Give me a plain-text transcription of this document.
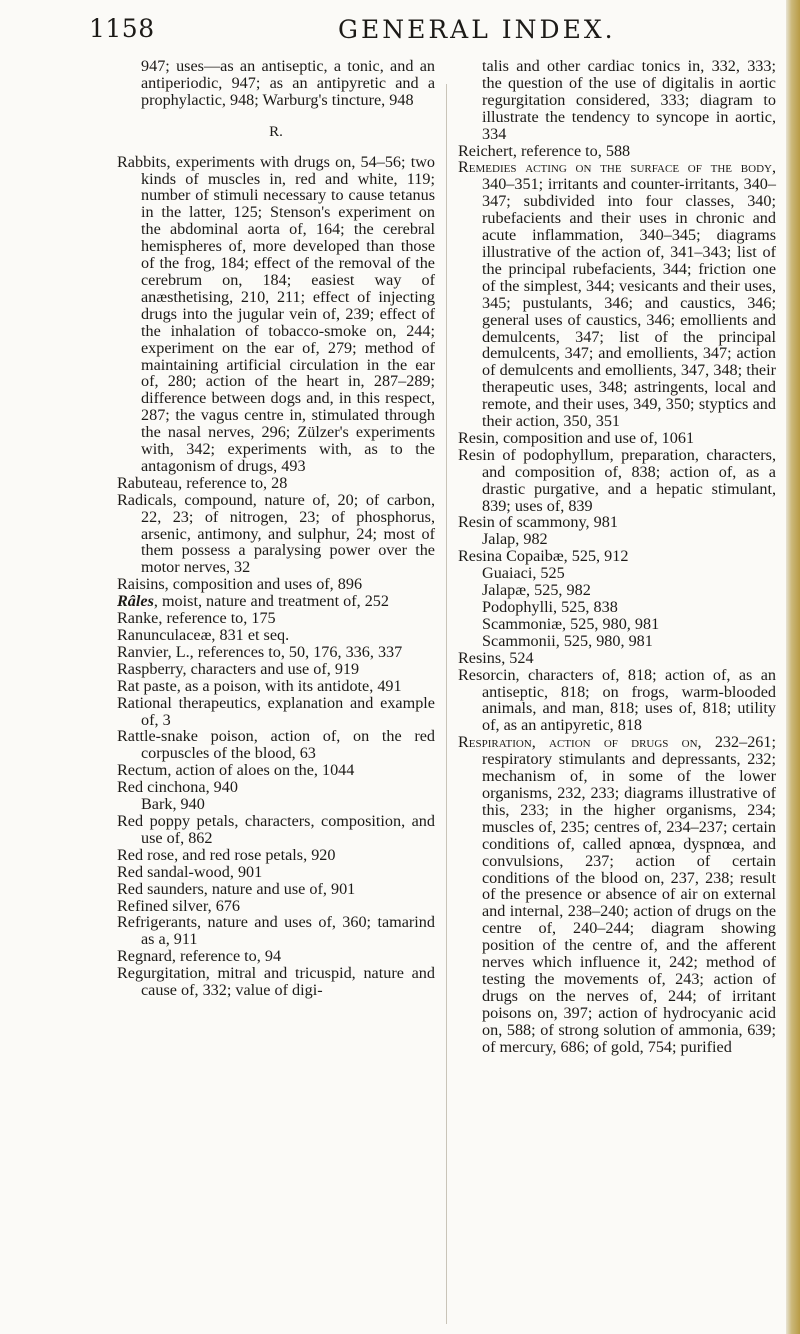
1158	GENERAL INDEX.

947; uses—as an antiseptic, a tonic, and an antiperiodic, 947; as an antipyretic and a prophylactic, 948; Warburg's tincture, 948

R.

Rabbits, experiments with drugs on, 54–56; two kinds of muscles in, red and white, 119; number of stimuli necessary to cause tetanus in the latter, 125; Stenson's experiment on the abdominal aorta of, 164; the cerebral hemispheres of, more developed than those of the frog, 184; effect of the removal of the cerebrum on, 184; easiest way of anæsthetising, 210, 211; effect of injecting drugs into the jugular vein of, 239; effect of the inhalation of tobacco-smoke on, 244; experiment on the ear of, 279; method of maintaining artificial circulation in the ear of, 280; action of the heart in, 287–289; difference between dogs and, in this respect, 287; the vagus centre in, stimulated through the nasal nerves, 296; Zülzer's experiments with, 342; experiments with, as to the antagonism of drugs, 493

Rabuteau, reference to, 28

Radicals, compound, nature of, 20; of carbon, 22, 23; of nitrogen, 23; of phosphorus, arsenic, antimony, and sulphur, 24; most of them possess a paralysing power over the motor nerves, 32

Raisins, composition and uses of, 896

Râles, moist, nature and treatment of, 252

Ranke, reference to, 175

Ranunculaceæ, 831 et seq.

Ranvier, L., references to, 50, 176, 336, 337

Raspberry, characters and use of, 919

Rat paste, as a poison, with its antidote, 491

Rational therapeutics, explanation and example of, 3

Rattle-snake poison, action of, on the red corpuscles of the blood, 63

Rectum, action of aloes on the, 1044

Red cinchona, 940

Bark, 940

Red poppy petals, characters, composition, and use of, 862

Red rose, and red rose petals, 920

Red sandal-wood, 901

Red saunders, nature and use of, 901

Refined silver, 676

Refrigerants, nature and uses of, 360; tamarind as a, 911

Regnard, reference to, 94

Regurgitation, mitral and tricuspid, nature and cause of, 332; value of digi-

talis and other cardiac tonics in, 332, 333; the question of the use of digitalis in aortic regurgitation considered, 333; diagram to illustrate the tendency to syncope in aortic, 334

Reichert, reference to, 588

Remedies acting on the surface of the body, 340–351; irritants and counter-irritants, 340–347; subdivided into four classes, 340; rubefacients and their uses in chronic and acute inflammation, 340–345; diagrams illustrative of the action of, 341–343; list of the principal rubefacients, 344; friction one of the simplest, 344; vesicants and their uses, 345; pustulants, 346; and caustics, 346; general uses of caustics, 346; emollients and demulcents, 347; list of the principal demulcents, 347; and emollients, 347; action of demulcents and emollients, 347, 348; their therapeutic uses, 348; astringents, local and remote, and their uses, 349, 350; styptics and their action, 350, 351

Resin, composition and use of, 1061

Resin of podophyllum, preparation, characters, and composition of, 838; action of, as a drastic purgative, and a hepatic stimulant, 839; uses of, 839

Resin of scammony, 981

Jalap, 982

Resina Copaibæ, 525, 912

Guaiaci, 525

Jalapæ, 525, 982

Podophylli, 525, 838

Scammoniæ, 525, 980, 981

Scammonii, 525, 980, 981

Resins, 524

Resorcin, characters of, 818; action of, as an antiseptic, 818; on frogs, warm-blooded animals, and man, 818; uses of, 818; utility of, as an antipyretic, 818

Respiration, action of drugs on, 232–261; respiratory stimulants and depressants, 232; mechanism of, in some of the lower organisms, 232, 233; diagrams illustrative of this, 233; in the higher organisms, 234; muscles of, 235; centres of, 234–237; certain conditions of, called apnœa, dyspnœa, and convulsions, 237; action of certain conditions of the blood on, 237, 238; result of the presence or absence of air on external and internal, 238–240; action of drugs on the centre of, 240–244; diagram showing position of the centre of, and the afferent nerves which influence it, 242; method of testing the movements of, 243; action of drugs on the nerves of, 244; of irritant poisons on, 397; action of hydrocyanic acid on, 588; of strong solution of ammonia, 639; of mercury, 686; of gold, 754; purified
